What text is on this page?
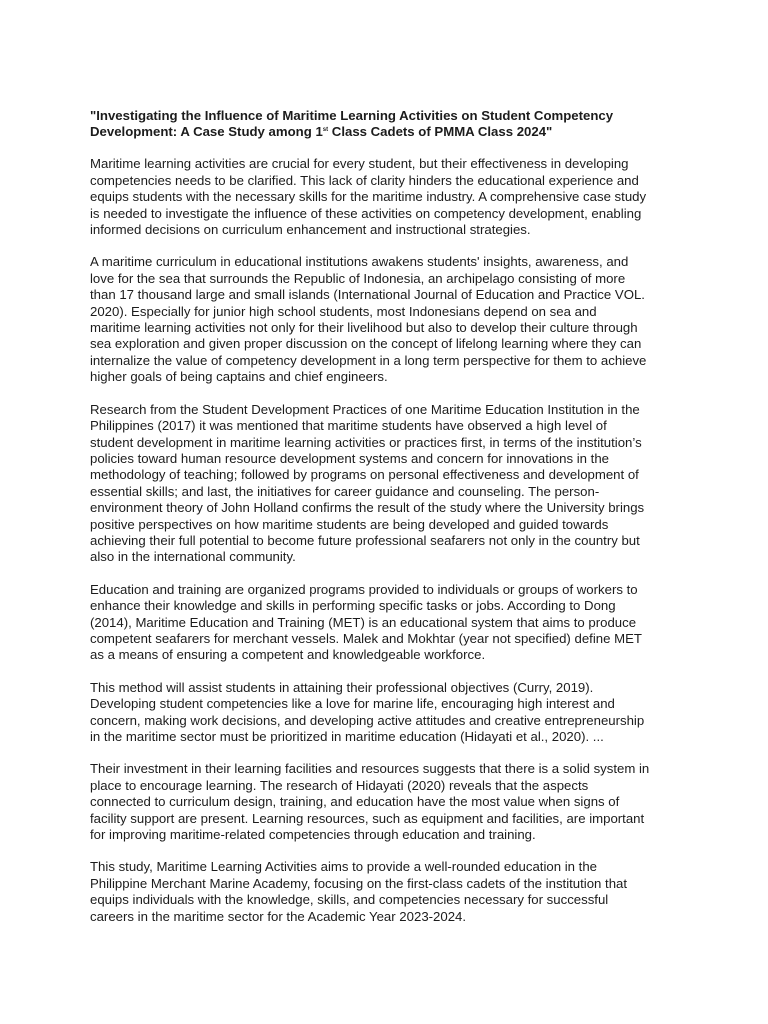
"Investigating the Influence of Maritime Learning Activities on Student Competency
Development: A Case Study among 1st Class Cadets of PMMA Class 2024"
Maritime learning activities are crucial for every student, but their effectiveness in developing
competencies needs to be clarified. This lack of clarity hinders the educational experience and
equips students with the necessary skills for the maritime industry. A comprehensive case study
is needed to investigate the influence of these activities on competency development, enabling
informed decisions on curriculum enhancement and instructional strategies.
A maritime curriculum in educational institutions awakens students' insights, awareness, and
love for the sea that surrounds the Republic of Indonesia, an archipelago consisting of more
than 17 thousand large and small islands (International Journal of Education and Practice VOL.
2020). Especially for junior high school students, most Indonesians depend on sea and
maritime learning activities not only for their livelihood but also to develop their culture through
sea exploration and given proper discussion on the concept of lifelong learning where they can
internalize the value of competency development in a long term perspective for them to achieve
higher goals of being captains and chief engineers.
Research from the Student Development Practices of one Maritime Education Institution in the
Philippines (2017) it was mentioned that maritime students have observed a high level of
student development in maritime learning activities or practices first, in terms of the institution’s
policies toward human resource development systems and concern for innovations in the
methodology of teaching; followed by programs on personal effectiveness and development of
essential skills; and last, the initiatives for career guidance and counseling. The person-
environment theory of John Holland confirms the result of the study where the University brings
positive perspectives on how maritime students are being developed and guided towards
achieving their full potential to become future professional seafarers not only in the country but
also in the international community.
Education and training are organized programs provided to individuals or groups of workers to
enhance their knowledge and skills in performing specific tasks or jobs. According to Dong
(2014), Maritime Education and Training (MET) is an educational system that aims to produce
competent seafarers for merchant vessels. Malek and Mokhtar (year not specified) define MET
as a means of ensuring a competent and knowledgeable workforce.
This method will assist students in attaining their professional objectives (Curry, 2019).
Developing student competencies like a love for marine life, encouraging high interest and
concern, making work decisions, and developing active attitudes and creative entrepreneurship
in the maritime sector must be prioritized in maritime education (Hidayati et al., 2020). ...
Their investment in their learning facilities and resources suggests that there is a solid system in
place to encourage learning. The research of Hidayati (2020) reveals that the aspects
connected to curriculum design, training, and education have the most value when signs of
facility support are present. Learning resources, such as equipment and facilities, are important
for improving maritime-related competencies through education and training.
This study, Maritime Learning Activities aims to provide a well-rounded education in the
Philippine Merchant Marine Academy, focusing on the first-class cadets of the institution that
equips individuals with the knowledge, skills, and competencies necessary for successful
careers in the maritime sector for the Academic Year 2023-2024.
